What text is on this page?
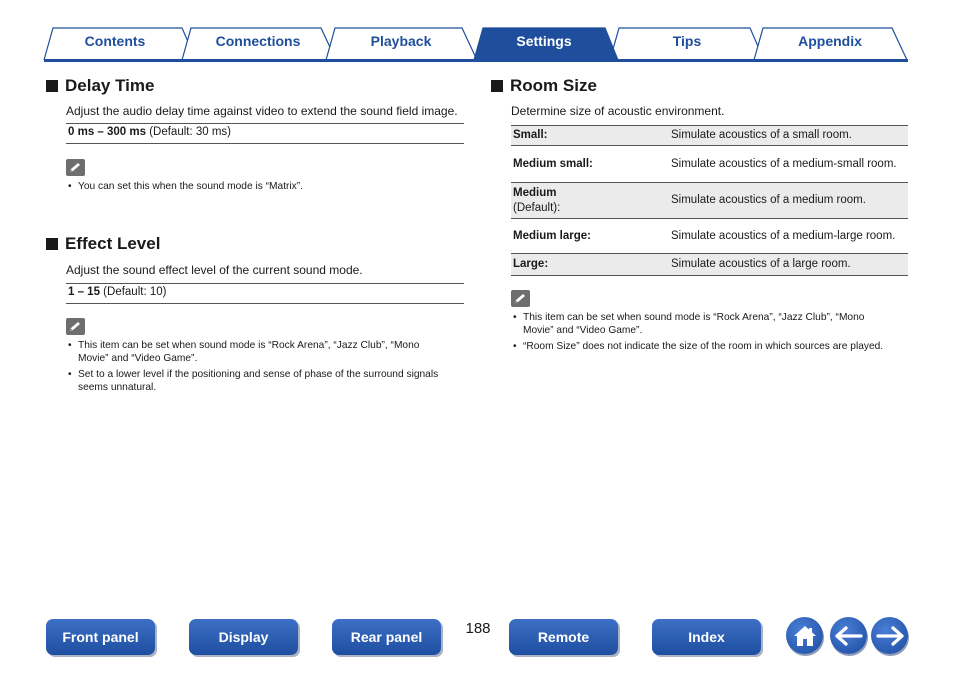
Contents	Connections	Playback	Settings	Tips	Appendix
Delay Time
Adjust the audio delay time against video to extend the sound field image.
0 ms – 300 ms (Default: 30 ms)
• You can set this when the sound mode is “Matrix”.
Effect Level
Adjust the sound effect level of the current sound mode.
1 – 15 (Default: 10)
• This item can be set when sound mode is “Rock Arena”, “Jazz Club”, “Mono Movie” and “Video Game”.
• Set to a lower level if the positioning and sense of phase of the surround signals seems unnatural.
Room Size
Determine size of acoustic environment.
Small:	Simulate acoustics of a small room.
Medium small:	Simulate acoustics of a medium-small room.
Medium
(Default):	Simulate acoustics of a medium room.
Medium large:	Simulate acoustics of a medium-large room.
Large:	Simulate acoustics of a large room.
• This item can be set when sound mode is “Rock Arena”, “Jazz Club”, “Mono Movie” and “Video Game”.
• “Room Size” does not indicate the size of the room in which sources are played.
Front panel	Display	Rear panel	188	Remote	Index
